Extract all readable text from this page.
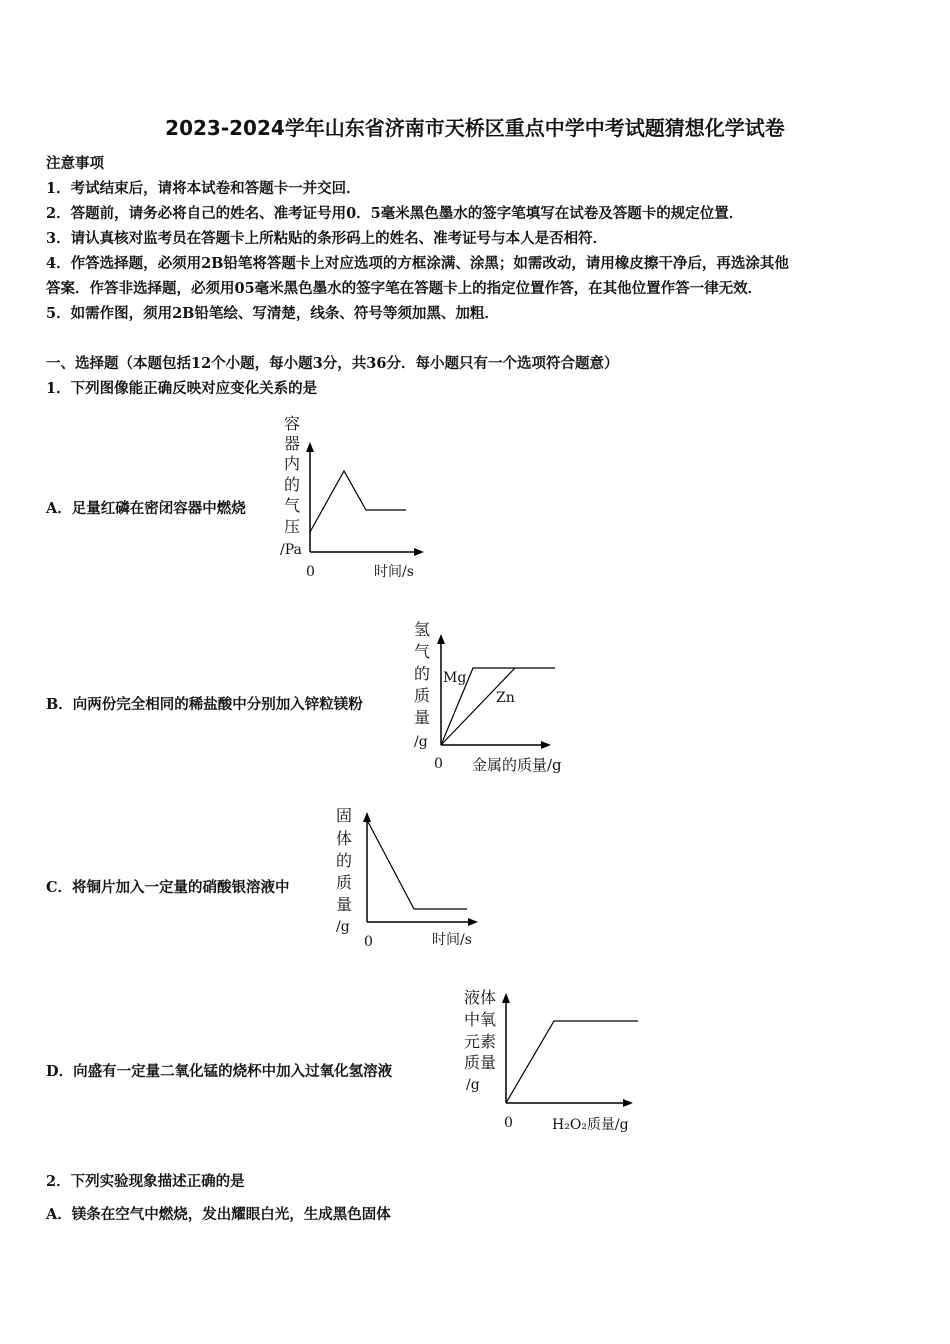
2023-2024学年山东省济南市天桥区重点中学中考试题猜想化学试卷
注意事项
1．考试结束后，请将本试卷和答题卡一并交回．
2．答题前，请务必将自己的姓名、准考证号用0．5毫米黑色墨水的签字笔填写在试卷及答题卡的规定位置．
3．请认真核对监考员在答题卡上所粘贴的条形码上的姓名、准考证号与本人是否相符．
4．作答选择题，必须用2B铅笔将答题卡上对应选项的方框涂满、涂黑；如需改动，请用橡皮擦干净后，再选涂其他
答案．作答非选择题，必须用05毫米黑色墨水的签字笔在答题卡上的指定位置作答，在其他位置作答一律无效．
5．如需作图，须用2B铅笔绘、写清楚，线条、符号等须加黑、加粗．
一、选择题（本题包括12个小题，每小题3分，共36分．每小题只有一个选项符合题意）
1．下列图像能正确反映对应变化关系的是
A．足量红磷在密闭容器中燃烧
容
器
内
的
气
压
/Pa
0	时间/s
B．向两份完全相同的稀盐酸中分别加入锌粒镁粉
氢
气
的
质
量
/g
Mg
Zn
0 金属的质量/g
C．将铜片加入一定量的硝酸银溶液中
固
体
的
质
量
/g
0	时间/s
D．向盛有一定量二氧化锰的烧杯中加入过氧化氢溶液
液体
中氧
元素
质量
/g
0	H₂O₂质量/g
2．下列实验现象描述正确的是
A．镁条在空气中燃烧，发出耀眼白光，生成黑色固体
